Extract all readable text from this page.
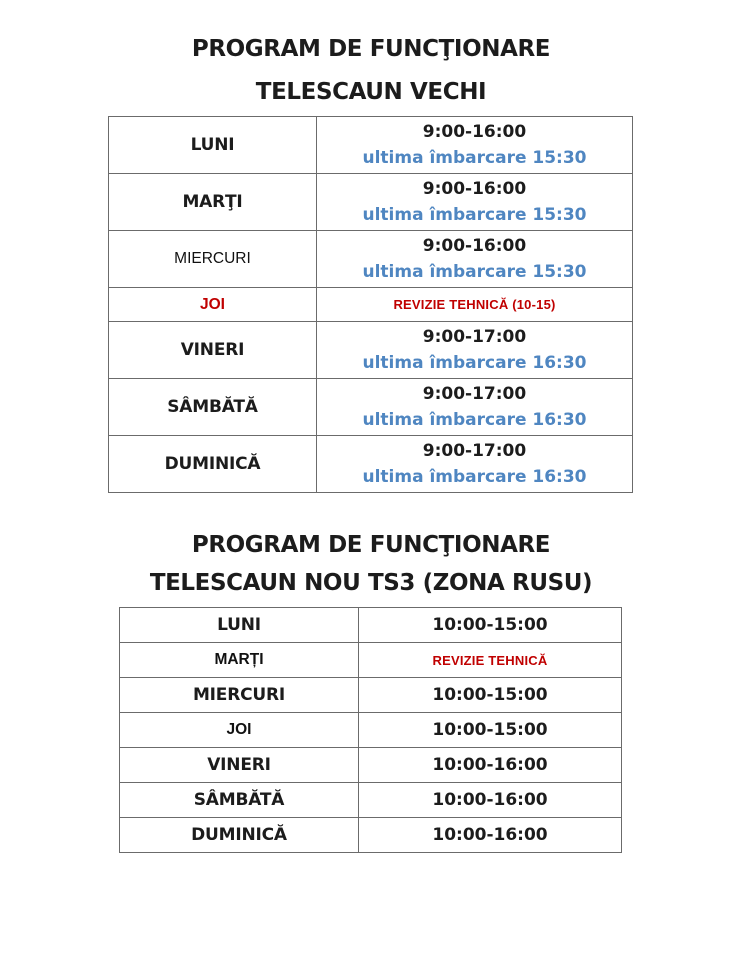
PROGRAM DE FUNCŢIONARE
TELESCAUN VECHI
LUNI	9:00-16:00
ultima îmbarcare 15:30

MARŢI	9:00-16:00
ultima îmbarcare 15:30

MIERCURI	9:00-16:00
ultima îmbarcare 15:30

JOI	REVIZIE TEHNICĂ (10-15)
VINERI	9:00-17:00
ultima îmbarcare 16:30

SÂMBĂTĂ	9:00-17:00
ultima îmbarcare 16:30

DUMINICĂ	9:00-17:00
ultima îmbarcare 16:30
PROGRAM DE FUNCŢIONARE
TELESCAUN NOU TS3 (ZONA RUSU)
LUNI	10:00-15:00
MARȚI	REVIZIE TEHNICĂ
MIERCURI	10:00-15:00
JOI	10:00-15:00
VINERI	10:00-16:00
SÂMBĂTĂ	10:00-16:00
DUMINICĂ	10:00-16:00
